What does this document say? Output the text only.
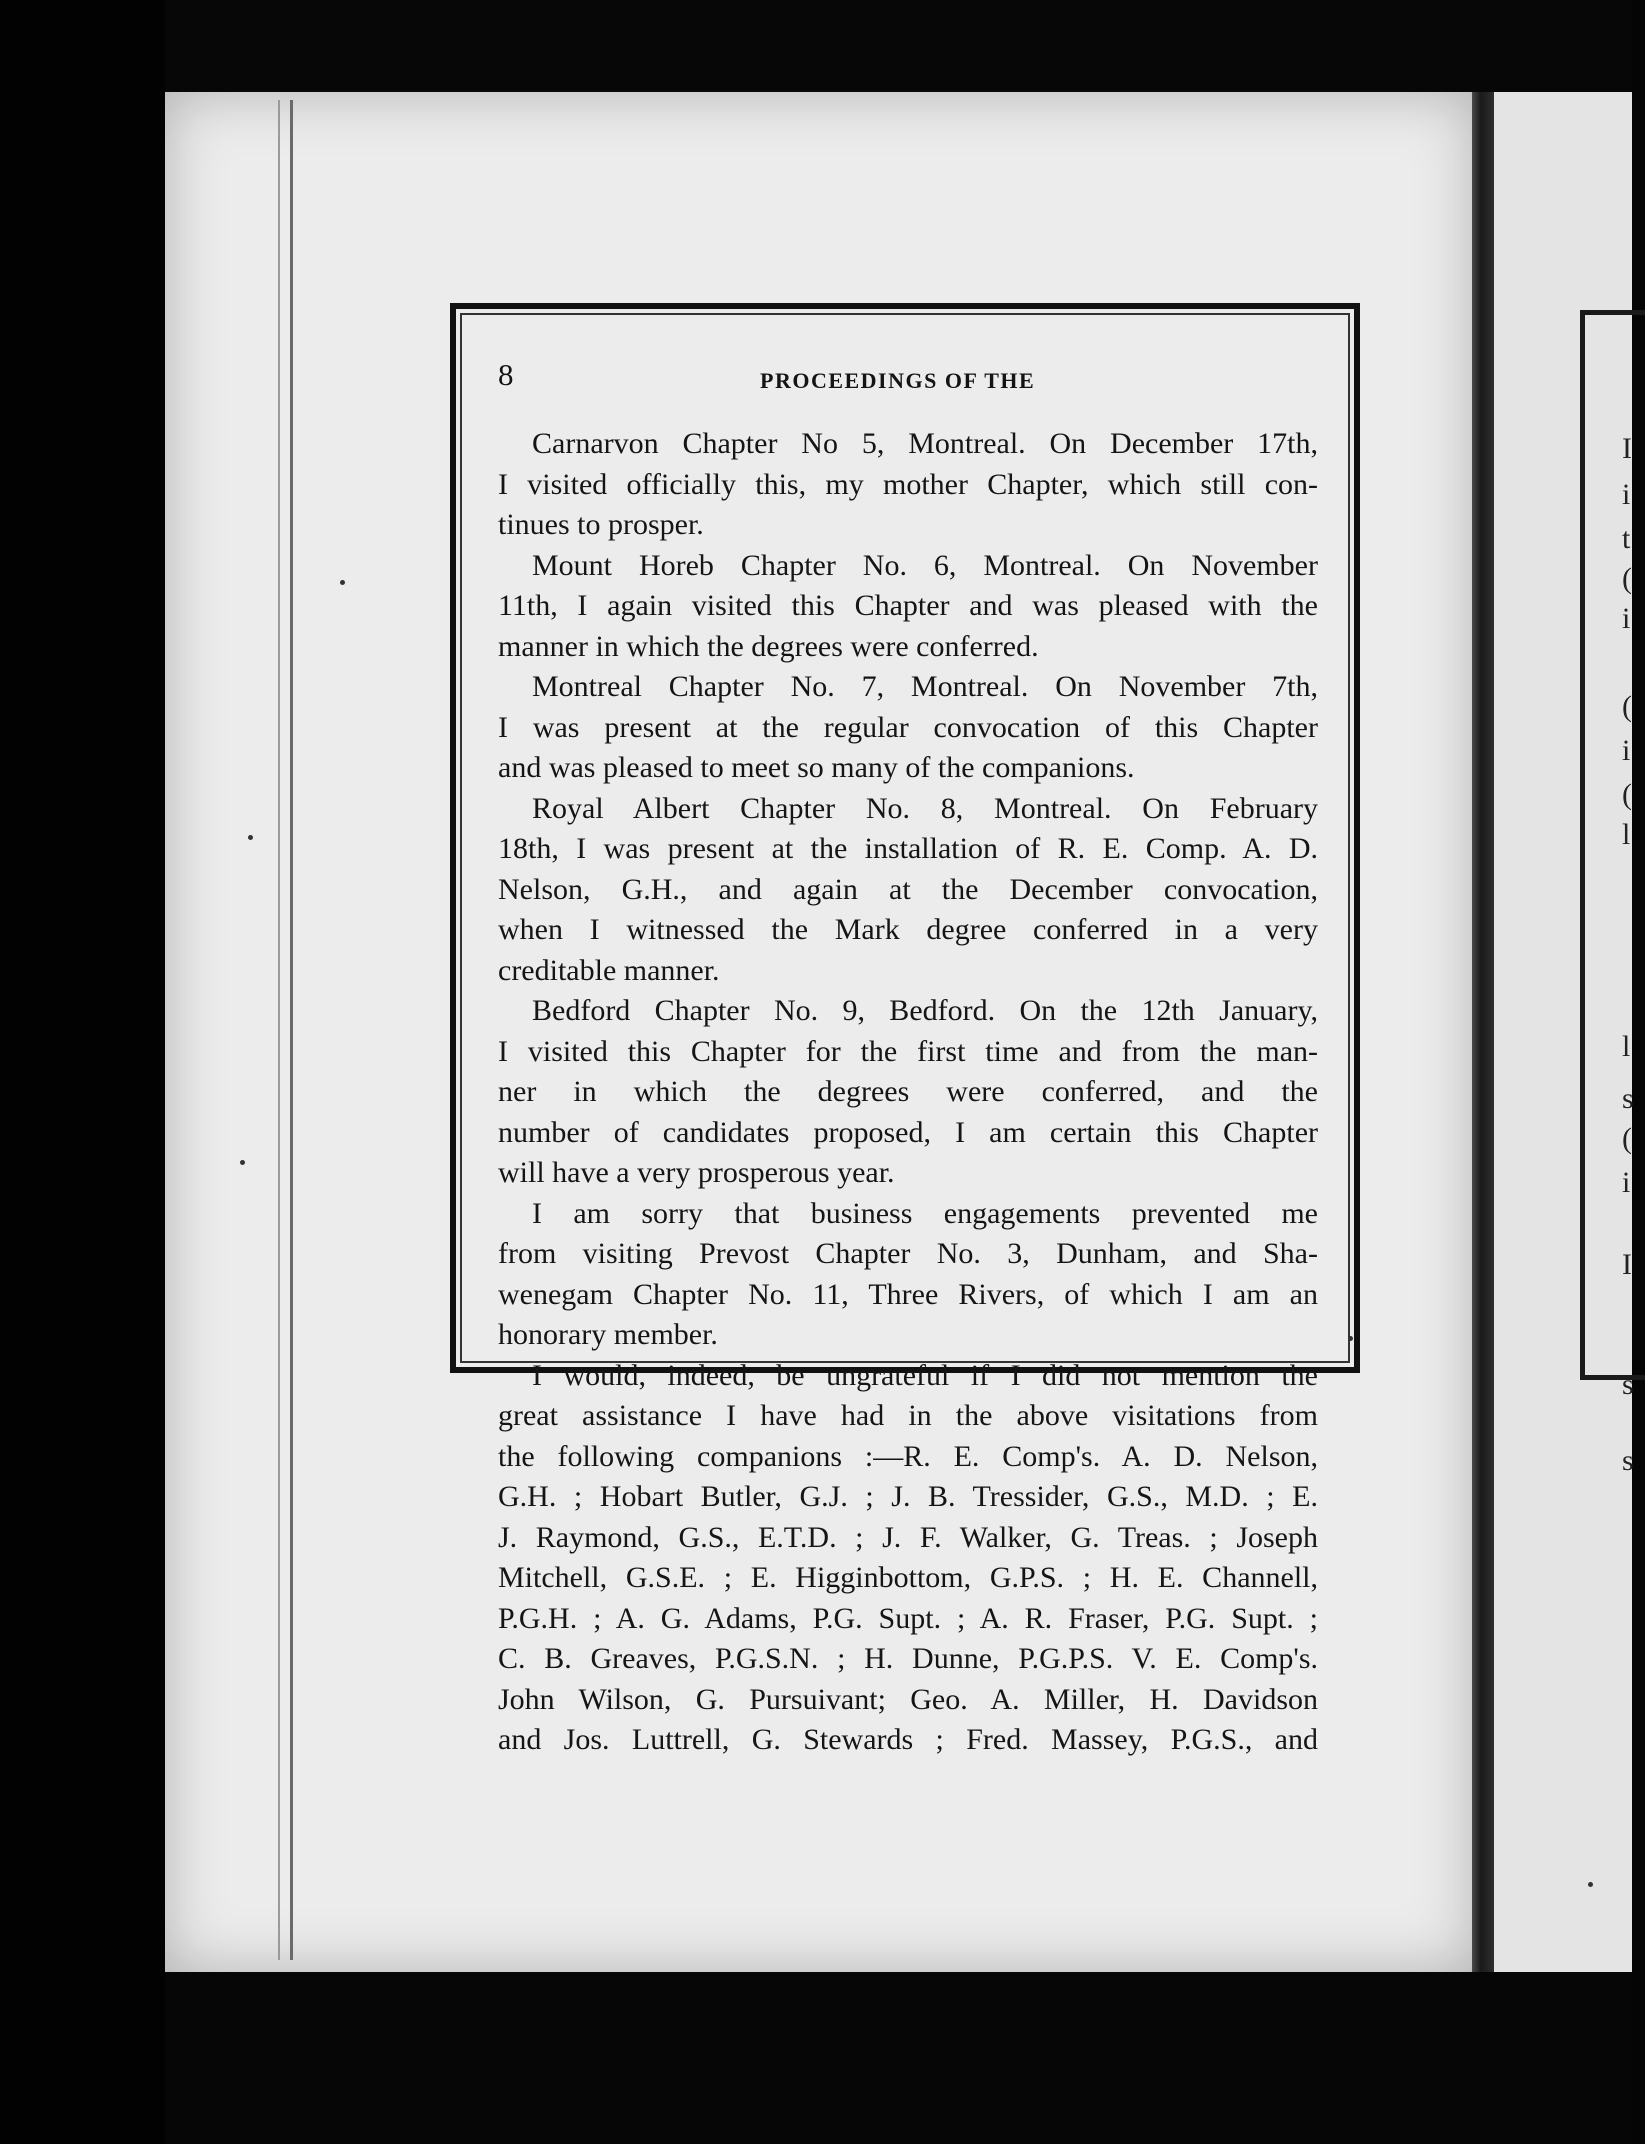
I
i
t
(
i
(
i
(
l
l
s
(
i
I
s
s
8	PROCEEDINGS OF THE

Carnarvon Chapter No 5, Montreal. On December 17th,
I visited officially this, my mother Chapter, which still con-
tinues to prosper.

Mount Horeb Chapter No. 6, Montreal. On November
11th, I again visited this Chapter and was pleased with the
manner in which the degrees were conferred.

Montreal Chapter No. 7, Montreal. On November 7th,
I was present at the regular convocation of this Chapter
and was pleased to meet so many of the companions.

Royal Albert Chapter No. 8, Montreal. On February
18th, I was present at the installation of R. E. Comp. A. D.
Nelson, G.H., and again at the December convocation,
when I witnessed the Mark degree conferred in a very
creditable manner.

Bedford Chapter No. 9, Bedford. On the 12th January,
I visited this Chapter for the first time and from the man-
ner in which the degrees were conferred, and the
number of candidates proposed, I am certain this Chapter
will have a very prosperous year.

I am sorry that business engagements prevented me
from visiting Prevost Chapter No. 3, Dunham, and Sha-
wenegam Chapter No. 11, Three Rivers, of which I am an
honorary member.

I would, indeed, be ungrateful if I did not mention the
great assistance I have had in the above visitations from
the following companions :—R. E. Comp's. A. D. Nelson,
G.H. ; Hobart Butler, G.J. ; J. B. Tressider, G.S., M.D. ; E.
J. Raymond, G.S., E.T.D. ; J. F. Walker, G. Treas. ; Joseph
Mitchell, G.S.E. ; E. Higginbottom, G.P.S. ; H. E. Channell,
P.G.H. ; A. G. Adams, P.G. Supt. ; A. R. Fraser, P.G. Supt. ;
C. B. Greaves, P.G.S.N. ; H. Dunne, P.G.P.S. V. E. Comp's.
John Wilson, G. Pursuivant; Geo. A. Miller, H. Davidson
and Jos. Luttrell, G. Stewards ; Fred. Massey, P.G.S., and
